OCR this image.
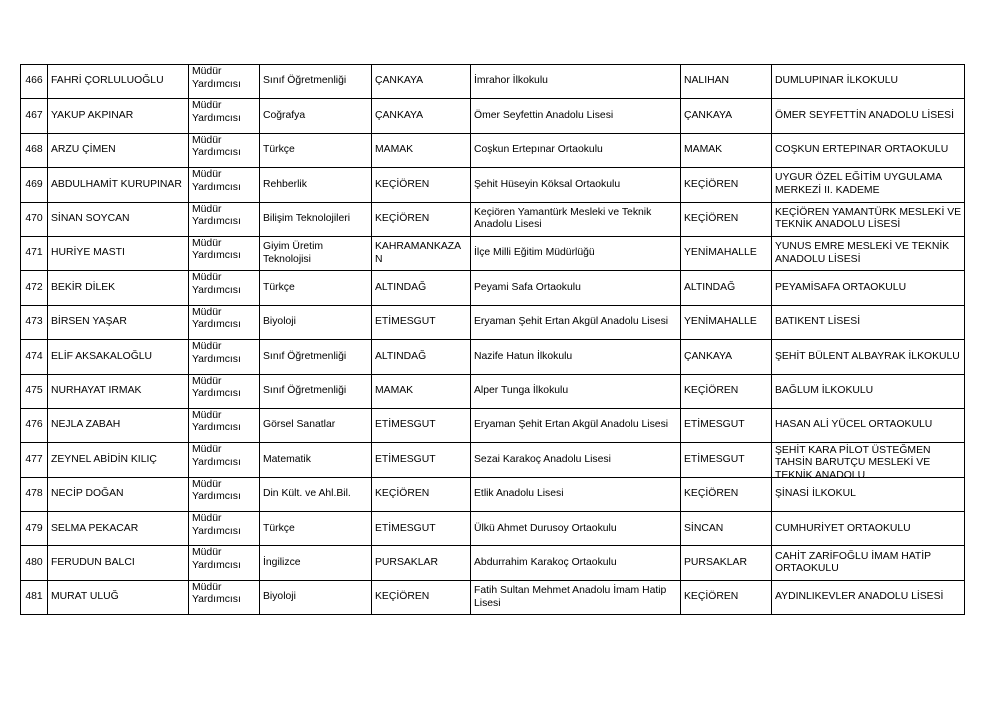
466	FAHRİ ÇORLULUOĞLU	Müdür Yardımcısı	Sınıf Öğretmenliği	ÇANKAYA	İmrahor İlkokulu	NALIHAN	DUMLUPINAR İLKOKULU

467	YAKUP AKPINAR	Müdür Yardımcısı	Coğrafya	ÇANKAYA	Ömer Seyfettin Anadolu Lisesi	ÇANKAYA	ÖMER SEYFETTİN ANADOLU LİSESİ

468	ARZU ÇİMEN	Müdür Yardımcısı	Türkçe	MAMAK	Coşkun Ertepınar Ortaokulu	MAMAK	COŞKUN ERTEPINAR ORTAOKULU

469	ABDULHAMİT KURUPINAR	Müdür Yardımcısı	Rehberlik	KEÇİÖREN	Şehit Hüseyin Köksal Ortaokulu	KEÇİÖREN	UYGUR ÖZEL EĞİTİM UYGULAMA MERKEZİ II. KADEME

470	SİNAN SOYCAN	Müdür Yardımcısı	Bilişim Teknolojileri	KEÇİÖREN	Keçiören Yamantürk Mesleki ve Teknik Anadolu Lisesi	KEÇİÖREN	KEÇİÖREN YAMANTÜRK MESLEKİ VE TEKNİK ANADOLU LİSESİ

471	HURİYE MASTI	Müdür Yardımcısı	Giyim Üretim Teknolojisi	KAHRAMANKAZAN	İlçe Milli Eğitim Müdürlüğü	YENİMAHALLE	YUNUS EMRE MESLEKİ VE TEKNİK ANADOLU LİSESİ

472	BEKİR DİLEK	Müdür Yardımcısı	Türkçe	ALTINDAĞ	Peyami Safa Ortaokulu	ALTINDAĞ	PEYAMİSAFA ORTAOKULU

473	BİRSEN YAŞAR	Müdür Yardımcısı	Biyoloji	ETİMESGUT	Eryaman Şehit Ertan Akgül Anadolu Lisesi	YENİMAHALLE	BATIKENT LİSESİ

474	ELİF AKSAKALOĞLU	Müdür Yardımcısı	Sınıf Öğretmenliği	ALTINDAĞ	Nazife Hatun İlkokulu	ÇANKAYA	ŞEHİT BÜLENT ALBAYRAK İLKOKULU

475	NURHAYAT IRMAK	Müdür Yardımcısı	Sınıf Öğretmenliği	MAMAK	Alper Tunga İlkokulu	KEÇİÖREN	BAĞLUM İLKOKULU

476	NEJLA ZABAH	Müdür Yardımcısı	Görsel Sanatlar	ETİMESGUT	Eryaman Şehit Ertan Akgül Anadolu Lisesi	ETİMESGUT	HASAN ALİ YÜCEL ORTAOKULU

477	ZEYNEL ABİDİN KILIÇ	Müdür Yardımcısı	Matematik	ETİMESGUT	Sezai Karakoç Anadolu Lisesi	ETİMESGUT	ŞEHİT KARA PİLOT ÜSTEĞMEN TAHSİN BARUTÇU MESLEKİ VE TEKNİK ANADOLU

478	NECİP DOĞAN	Müdür Yardımcısı	Din Kült. ve Ahl.Bil.	KEÇİÖREN	Etlik Anadolu Lisesi	KEÇİÖREN	ŞİNASİ İLKOKUL

479	SELMA PEKACAR	Müdür Yardımcısı	Türkçe	ETİMESGUT	Ülkü Ahmet Durusoy Ortaokulu	SİNCAN	CUMHURİYET ORTAOKULU

480	FERUDUN BALCI	Müdür Yardımcısı	İngilizce	PURSAKLAR	Abdurrahim Karakoç Ortaokulu	PURSAKLAR	CAHİT ZARİFOĞLU İMAM HATİP ORTAOKULU

481	MURAT ULUĞ	Müdür Yardımcısı	Biyoloji	KEÇİÖREN	Fatih Sultan Mehmet Anadolu İmam Hatip Lisesi	KEÇİÖREN	AYDINLIKEVLER ANADOLU LİSESİ
